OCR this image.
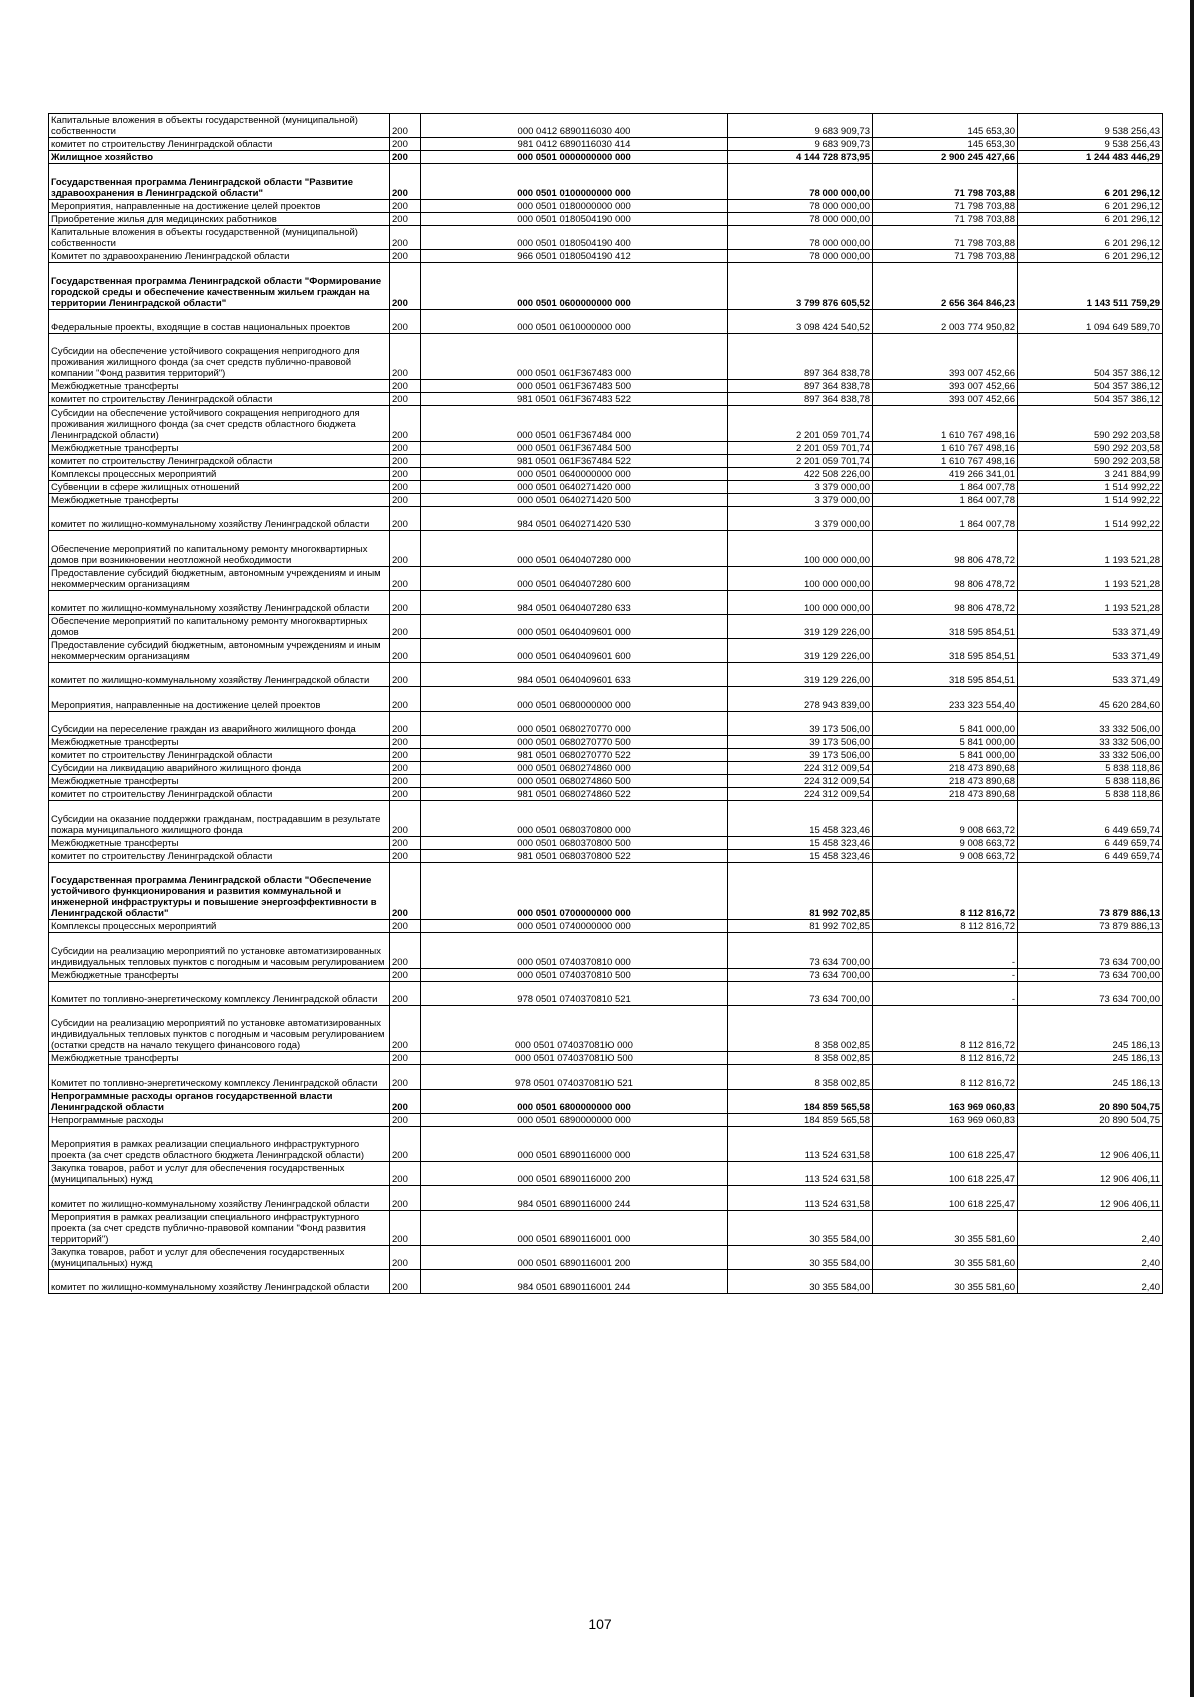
Капитальные вложения в объекты государственной (муниципальной) собственности	200	000 0412 6890116030 400	9 683 909,73	145 653,30	9 538 256,43
комитет по строительству Ленинградской области	200	981 0412 6890116030 414	9 683 909,73	145 653,30	9 538 256,43
Жилищное хозяйство	200	000 0501 0000000000 000	4 144 728 873,95	2 900 245 427,66	1 244 483 446,29
Государственная программа Ленинградской области "Развитие здравоохранения в Ленинградской области"	200	000 0501 0100000000 000	78 000 000,00	71 798 703,88	6 201 296,12
Мероприятия, направленные на достижение целей проектов	200	000 0501 0180000000 000	78 000 000,00	71 798 703,88	6 201 296,12
Приобретение жилья для медицинских работников	200	000 0501 0180504190 000	78 000 000,00	71 798 703,88	6 201 296,12
Капитальные вложения в объекты государственной (муниципальной) собственности	200	000 0501 0180504190 400	78 000 000,00	71 798 703,88	6 201 296,12
Комитет по здравоохранению Ленинградской области	200	966 0501 0180504190 412	78 000 000,00	71 798 703,88	6 201 296,12
Государственная программа Ленинградской области "Формирование городской среды и обеспечение качественным жильем граждан на территории Ленинградской области"	200	000 0501 0600000000 000	3 799 876 605,52	2 656 364 846,23	1 143 511 759,29
Федеральные проекты, входящие в состав национальных проектов	200	000 0501 0610000000 000	3 098 424 540,52	2 003 774 950,82	1 094 649 589,70
Субсидии на обеспечение устойчивого сокращения непригодного для проживания жилищного фонда (за счет средств публично-правовой компании "Фонд развития территорий")	200	000 0501 061F367483 000	897 364 838,78	393 007 452,66	504 357 386,12
Межбюджетные трансферты	200	000 0501 061F367483 500	897 364 838,78	393 007 452,66	504 357 386,12
комитет по строительству Ленинградской области	200	981 0501 061F367483 522	897 364 838,78	393 007 452,66	504 357 386,12
Субсидии на обеспечение устойчивого сокращения непригодного для проживания жилищного фонда (за счет средств областного бюджета Ленинградской области)	200	000 0501 061F367484 000	2 201 059 701,74	1 610 767 498,16	590 292 203,58
Межбюджетные трансферты	200	000 0501 061F367484 500	2 201 059 701,74	1 610 767 498,16	590 292 203,58
комитет по строительству Ленинградской области	200	981 0501 061F367484 522	2 201 059 701,74	1 610 767 498,16	590 292 203,58
Комплексы процессных мероприятий	200	000 0501 0640000000 000	422 508 226,00	419 266 341,01	3 241 884,99
Субвенции в сфере жилищных отношений	200	000 0501 0640271420 000	3 379 000,00	1 864 007,78	1 514 992,22
Межбюджетные трансферты	200	000 0501 0640271420 500	3 379 000,00	1 864 007,78	1 514 992,22
комитет по жилищно-коммунальному хозяйству Ленинградской области	200	984 0501 0640271420 530	3 379 000,00	1 864 007,78	1 514 992,22
Обеспечение мероприятий по капитальному ремонту многоквартирных домов при возникновении неотложной необходимости	200	000 0501 0640407280 000	100 000 000,00	98 806 478,72	1 193 521,28
Предоставление субсидий бюджетным, автономным учреждениям и иным некоммерческим организациям	200	000 0501 0640407280 600	100 000 000,00	98 806 478,72	1 193 521,28
комитет по жилищно-коммунальному хозяйству Ленинградской области	200	984 0501 0640407280 633	100 000 000,00	98 806 478,72	1 193 521,28
Обеспечение мероприятий по капитальному ремонту многоквартирных домов	200	000 0501 0640409601 000	319 129 226,00	318 595 854,51	533 371,49
Предоставление субсидий бюджетным, автономным учреждениям и иным некоммерческим организациям	200	000 0501 0640409601 600	319 129 226,00	318 595 854,51	533 371,49
комитет по жилищно-коммунальному хозяйству Ленинградской области	200	984 0501 0640409601 633	319 129 226,00	318 595 854,51	533 371,49
Мероприятия, направленные на достижение целей проектов	200	000 0501 0680000000 000	278 943 839,00	233 323 554,40	45 620 284,60
Субсидии на переселение граждан из аварийного жилищного фонда	200	000 0501 0680270770 000	39 173 506,00	5 841 000,00	33 332 506,00
Межбюджетные трансферты	200	000 0501 0680270770 500	39 173 506,00	5 841 000,00	33 332 506,00
комитет по строительству Ленинградской области	200	981 0501 0680270770 522	39 173 506,00	5 841 000,00	33 332 506,00
Субсидии на ликвидацию аварийного жилищного фонда	200	000 0501 0680274860 000	224 312 009,54	218 473 890,68	5 838 118,86
Межбюджетные трансферты	200	000 0501 0680274860 500	224 312 009,54	218 473 890,68	5 838 118,86
комитет по строительству Ленинградской области	200	981 0501 0680274860 522	224 312 009,54	218 473 890,68	5 838 118,86
Субсидии на оказание поддержки гражданам, пострадавшим в результате пожара муниципального жилищного фонда	200	000 0501 0680370800 000	15 458 323,46	9 008 663,72	6 449 659,74
Межбюджетные трансферты	200	000 0501 0680370800 500	15 458 323,46	9 008 663,72	6 449 659,74
комитет по строительству Ленинградской области	200	981 0501 0680370800 522	15 458 323,46	9 008 663,72	6 449 659,74
Государственная программа Ленинградской области "Обеспечение устойчивого функционирования и развития коммунальной и инженерной инфраструктуры и повышение энергоэффективности в Ленинградской области"	200	000 0501 0700000000 000	81 992 702,85	8 112 816,72	73 879 886,13
Комплексы процессных мероприятий	200	000 0501 0740000000 000	81 992 702,85	8 112 816,72	73 879 886,13
Субсидии на реализацию мероприятий по установке автоматизированных индивидуальных тепловых пунктов с погодным и часовым регулированием	200	000 0501 0740370810 000	73 634 700,00	-	73 634 700,00
Межбюджетные трансферты	200	000 0501 0740370810 500	73 634 700,00	-	73 634 700,00
Комитет по топливно-энергетическому комплексу Ленинградской области	200	978 0501 0740370810 521	73 634 700,00	-	73 634 700,00
Субсидии на реализацию мероприятий по установке автоматизированных индивидуальных тепловых пунктов с погодным и часовым регулированием (остатки средств на начало текущего финансового года)	200	000 0501 074037081Ю 000	8 358 002,85	8 112 816,72	245 186,13
Межбюджетные трансферты	200	000 0501 074037081Ю 500	8 358 002,85	8 112 816,72	245 186,13
Комитет по топливно-энергетическому комплексу Ленинградской области	200	978 0501 074037081Ю 521	8 358 002,85	8 112 816,72	245 186,13
Непрограммные расходы органов государственной власти Ленинградской области	200	000 0501 6800000000 000	184 859 565,58	163 969 060,83	20 890 504,75
Непрограммные расходы	200	000 0501 6890000000 000	184 859 565,58	163 969 060,83	20 890 504,75
Мероприятия в рамках реализации специального инфраструктурного проекта (за счет средств областного бюджета Ленинградской области)	200	000 0501 6890116000 000	113 524 631,58	100 618 225,47	12 906 406,11
Закупка товаров, работ и услуг для обеспечения государственных (муниципальных) нужд	200	000 0501 6890116000 200	113 524 631,58	100 618 225,47	12 906 406,11
комитет по жилищно-коммунальному хозяйству Ленинградской области	200	984 0501 6890116000 244	113 524 631,58	100 618 225,47	12 906 406,11
Мероприятия в рамках реализации специального инфраструктурного проекта (за счет средств публично-правовой компании "Фонд развития территорий")	200	000 0501 6890116001 000	30 355 584,00	30 355 581,60	2,40
Закупка товаров, работ и услуг для обеспечения государственных (муниципальных) нужд	200	000 0501 6890116001 200	30 355 584,00	30 355 581,60	2,40
комитет по жилищно-коммунальному хозяйству Ленинградской области	200	984 0501 6890116001 244	30 355 584,00	30 355 581,60	2,40
107
